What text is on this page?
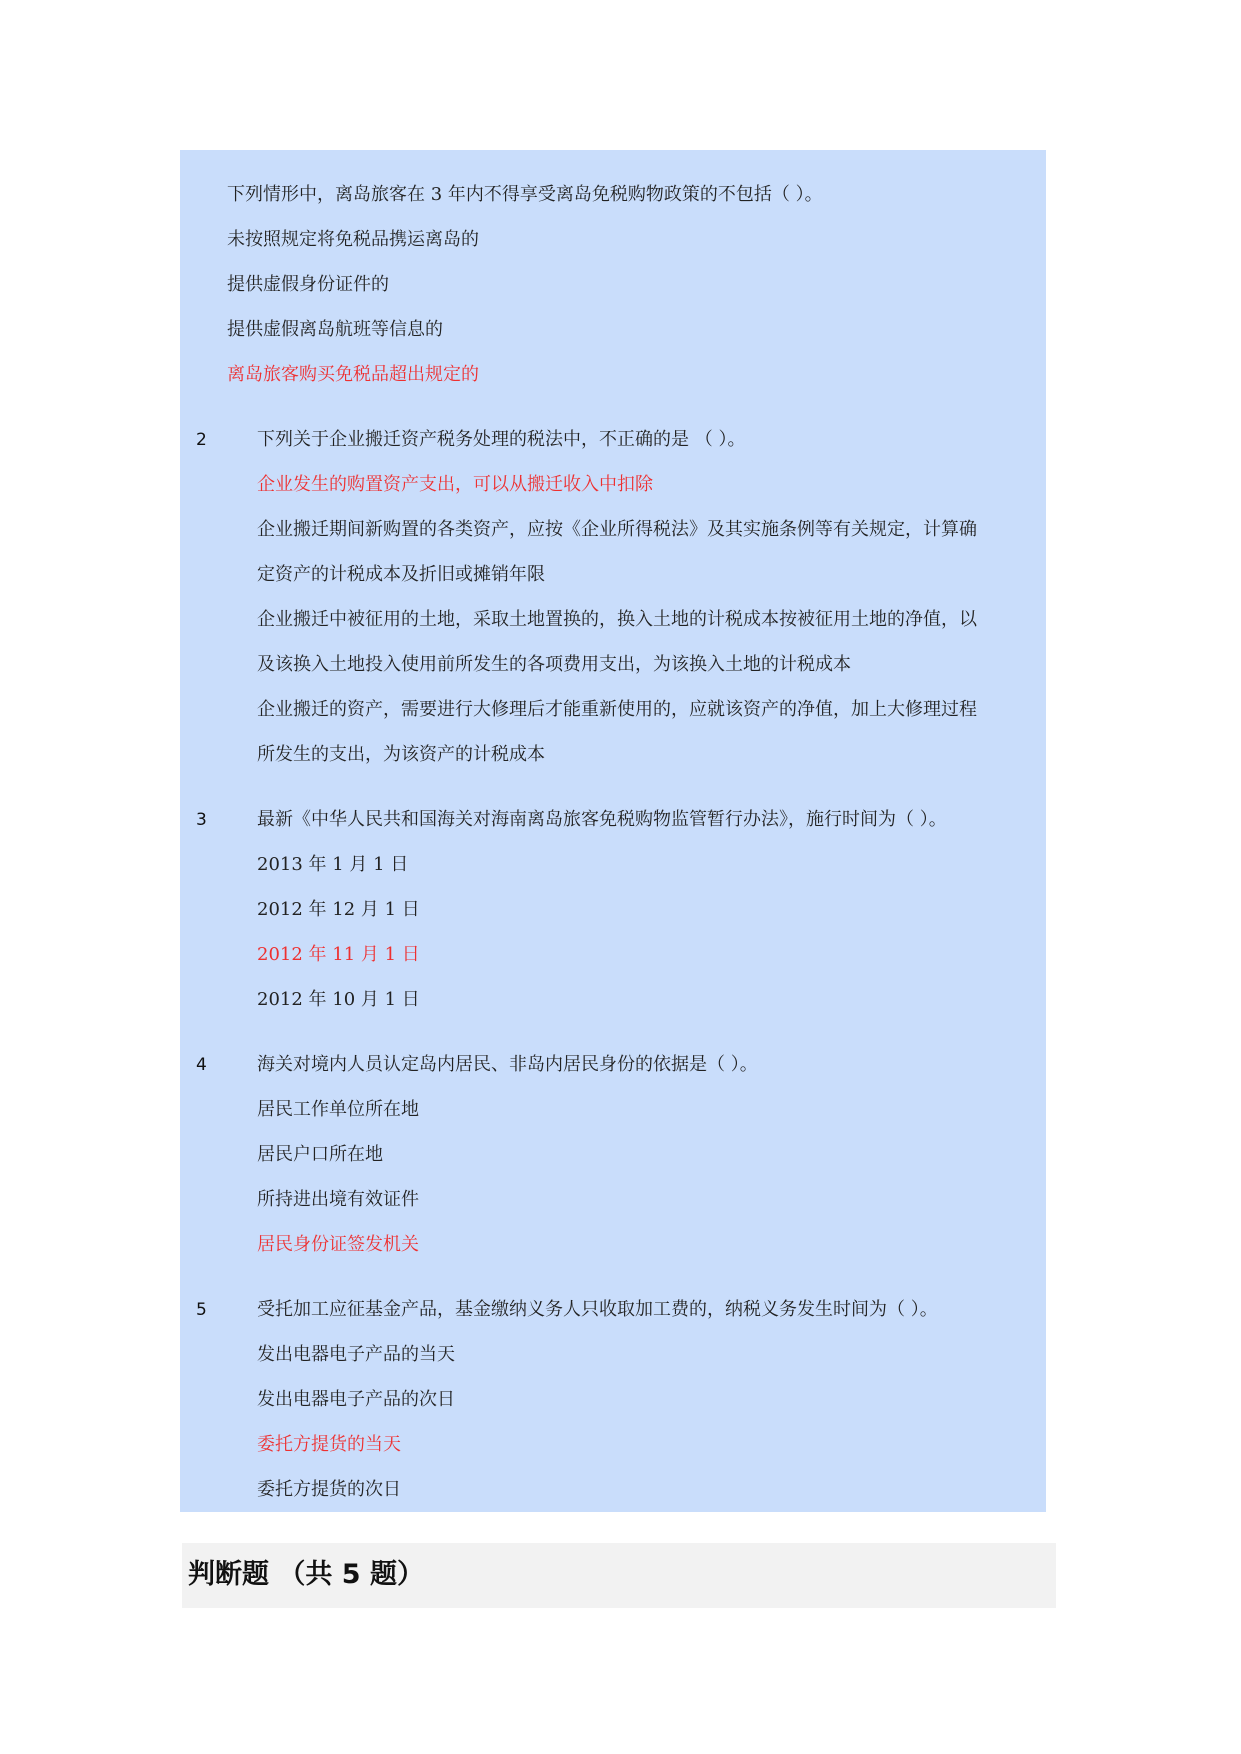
下列情形中，离岛旅客在 3 年内不得享受离岛免税购物政策的不包括（ ）。
未按照规定将免税品携运离岛的
提供虚假身份证件的
提供虚假离岛航班等信息的
离岛旅客购买免税品超出规定的
2	下列关于企业搬迁资产税务处理的税法中，不正确的是 （ ）。
企业发生的购置资产支出，可以从搬迁收入中扣除
企业搬迁期间新购置的各类资产，应按《企业所得税法》及其实施条例等有关规定，计算确
定资产的计税成本及折旧或摊销年限
企业搬迁中被征用的土地，采取土地置换的，换入土地的计税成本按被征用土地的净值，以
及该换入土地投入使用前所发生的各项费用支出，为该换入土地的计税成本
企业搬迁的资产，需要进行大修理后才能重新使用的，应就该资产的净值，加上大修理过程
所发生的支出，为该资产的计税成本
3	最新《中华人民共和国海关对海南离岛旅客免税购物监管暂行办法》，施行时间为（ ）。
2013 年 1 月 1 日
2012 年 12 月 1 日
2012 年 11 月 1 日
2012 年 10 月 1 日
4	海关对境内人员认定岛内居民、非岛内居民身份的依据是（ ）。
居民工作单位所在地
居民户口所在地
所持进出境有效证件
居民身份证签发机关
5	受托加工应征基金产品，基金缴纳义务人只收取加工费的，纳税义务发生时间为（ ）。
发出电器电子产品的当天
发出电器电子产品的次日
委托方提货的当天
委托方提货的次日
判断题 （共 5 题）
